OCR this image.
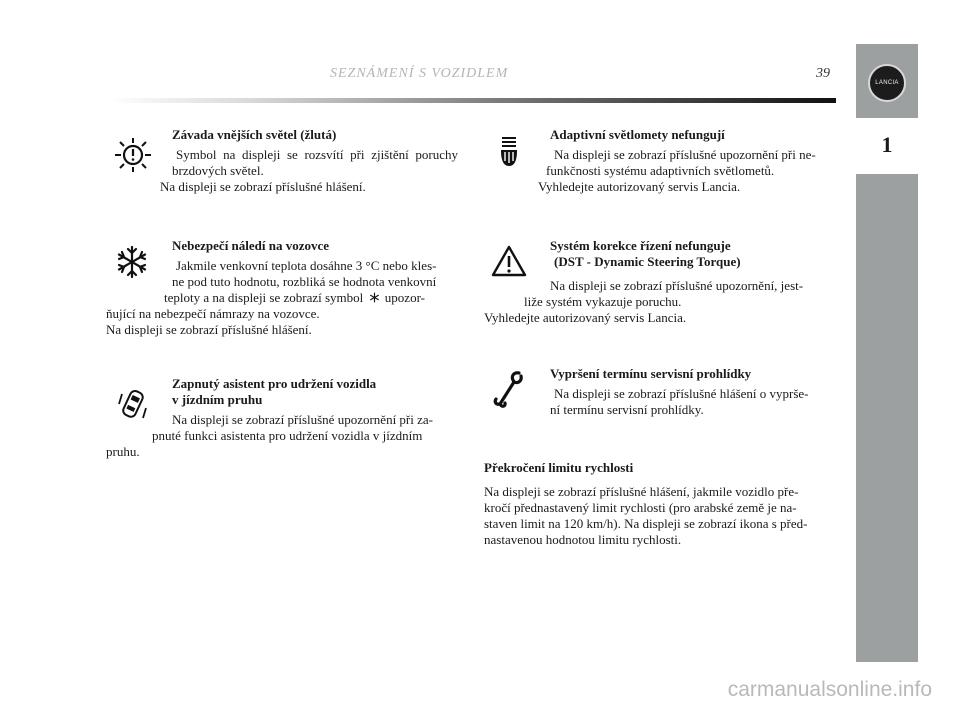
SEZNÁMENÍ S VOZIDLEM	39
LANCIA
1
Závada vnějších světel (žlutá)
Symbol na displeji se rozsvítí při zjištění poruchy
brzdových světel.
Na displeji se zobrazí příslušné hlášení.
Nebezpečí náledí na vozovce
Jakmile venkovní teplota dosáhne 3 °C nebo kles-
ne pod tuto hodnotu, rozbliká se hodnota venkovní
teploty a na displeji se zobrazí symbol upozor-
ňující na nebezpečí námrazy na vozovce.
Na displeji se zobrazí příslušné hlášení.
Zapnutý asistent pro udržení vozidla
v jízdním pruhu
Na displeji se zobrazí příslušné upozornění při za-
pnuté funkci asistenta pro udržení vozidla v jízdním
pruhu.
Adaptivní světlomety nefungují
Na displeji se zobrazí příslušné upozornění při ne-
funkčnosti systému adaptivních světlometů.
Vyhledejte autorizovaný servis Lancia.
Systém korekce řízení nefunguje
(DST - Dynamic Steering Torque)
Na displeji se zobrazí příslušné upozornění, jest-
liže systém vykazuje poruchu.
Vyhledejte autorizovaný servis Lancia.
Vypršení termínu servisní prohlídky
Na displeji se zobrazí příslušné hlášení o vyprše-
ní termínu servisní prohlídky.
Překročení limitu rychlosti
Na displeji se zobrazí příslušné hlášení, jakmile vozidlo pře-
kročí přednastavený limit rychlosti (pro arabské země je na-
staven limit na 120 km/h). Na displeji se zobrazí ikona s před-
nastavenou hodnotou limitu rychlosti.
carmanualsonline.info
